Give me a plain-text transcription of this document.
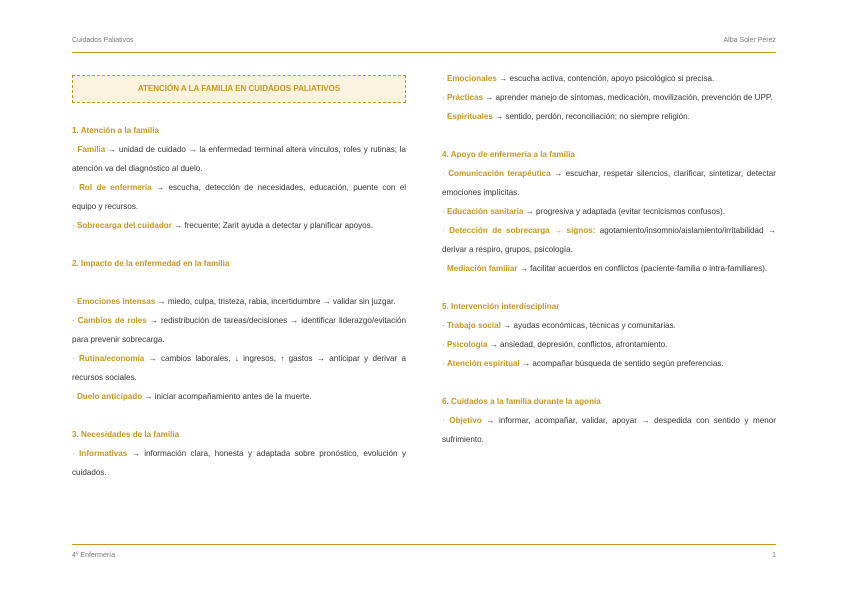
Cuidados Paliativos	Alba Soler Pérez
ATENCIÓN A LA FAMILIA EN CUIDADOS PALIATIVOS
1. Atención a la familia
· Familia → unidad de cuidado → la enfermedad terminal altera vínculos, roles y rutinas; la atención va del diagnóstico al duelo.
· Rol de enfermería → escucha, detección de necesidades, educación, puente con el equipo y recursos.
· Sobrecarga del cuidador → frecuente; Zarit ayuda a detectar y planificar apoyos.
2. Impacto de la enfermedad en la familia
· Emociones intensas → miedo, culpa, tristeza, rabia, incertidumbre → validar sin juzgar.
· Cambios de roles → redistribución de tareas/decisiones → identificar liderazgo/evitación para prevenir sobrecarga.
· Rutina/economía → cambios laborales, ↓ ingresos, ↑ gastos → anticipar y derivar a recursos sociales.
· Duelo anticipado → iniciar acompañamiento antes de la muerte.
3. Necesidades de la familia
· Informativas → información clara, honesta y adaptada sobre pronóstico, evolución y cuidados.
· Emocionales → escucha activa, contención, apoyo psicológico si precisa.
· Prácticas → aprender manejo de síntomas, medicación, movilización, prevención de UPP.
· Espirituales → sentido, perdón, reconciliación; no siempre religión.
4. Apoyo de enfermería a la familia
· Comunicación terapéutica → escuchar, respetar silencios, clarificar, sintetizar, detectar emociones implícitas.
· Educación sanitaria → progresiva y adaptada (evitar tecnicismos confusos).
· Detección de sobrecarga → signos: agotamiento/insomnio/aislamiento/irritabilidad → derivar a respiro, grupos, psicología.
· Mediación familiar → facilitar acuerdos en conflictos (paciente-familia o intra-familiares).
5. Intervención interdisciplinar
· Trabajo social → ayudas económicas, técnicas y comunitarias.
· Psicología → ansiedad, depresión, conflictos, afrontamiento.
· Atención espiritual → acompañar búsqueda de sentido según preferencias.
6. Cuidados a la familia durante la agonía
· Objetivo → informar, acompañar, validar, apoyar → despedida con sentido y menor sufrimiento.
4º Enfermería	1
